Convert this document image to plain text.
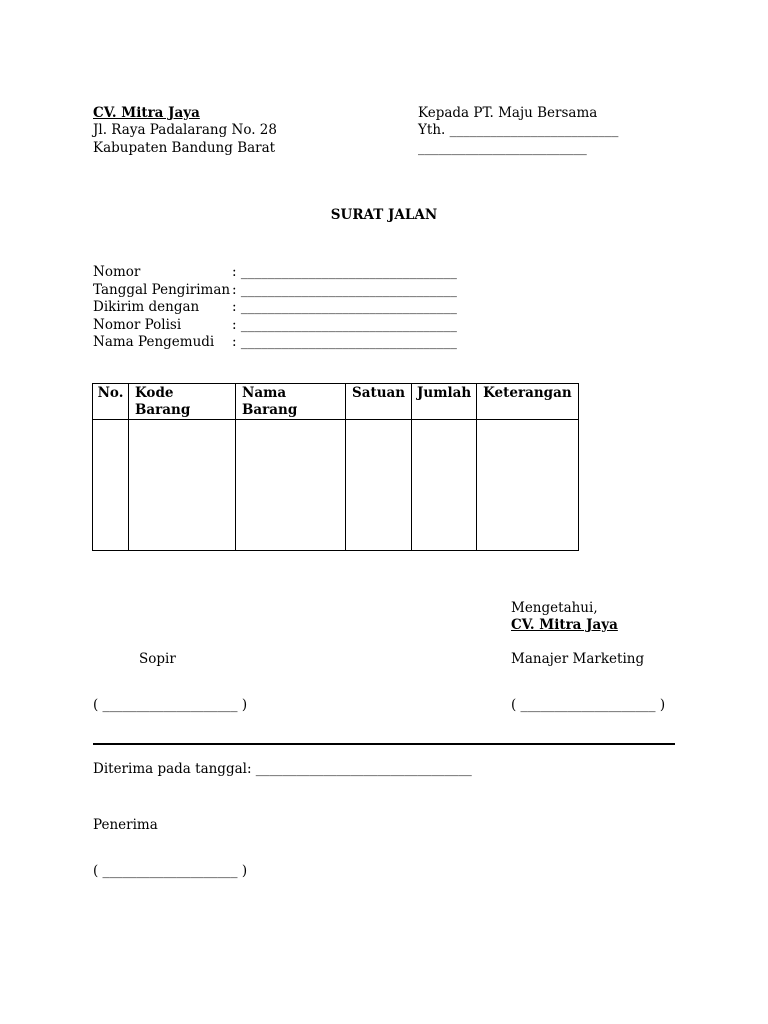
CV. Mitra Jaya
Jl. Raya Padalarang No. 28
Kabupaten Bandung Barat
Kepada PT. Maju Bersama
Yth. _________________________
_________________________
SURAT JALAN
Nomor	: ________________________________
Tanggal Pengiriman : ________________________________
Dikirim dengan	: ________________________________
Nomor Polisi	: ________________________________
Nama Pengemudi	: ________________________________
No.	Kode Barang	Nama Barang	Satuan	Jumlah	Keterangan

Mengetahui,
CV. Mitra Jaya
Sopir	Manajer Marketing
( ____________________ )	( ____________________ )
Diterima pada tanggal: ________________________________
Penerima
( ____________________ )
